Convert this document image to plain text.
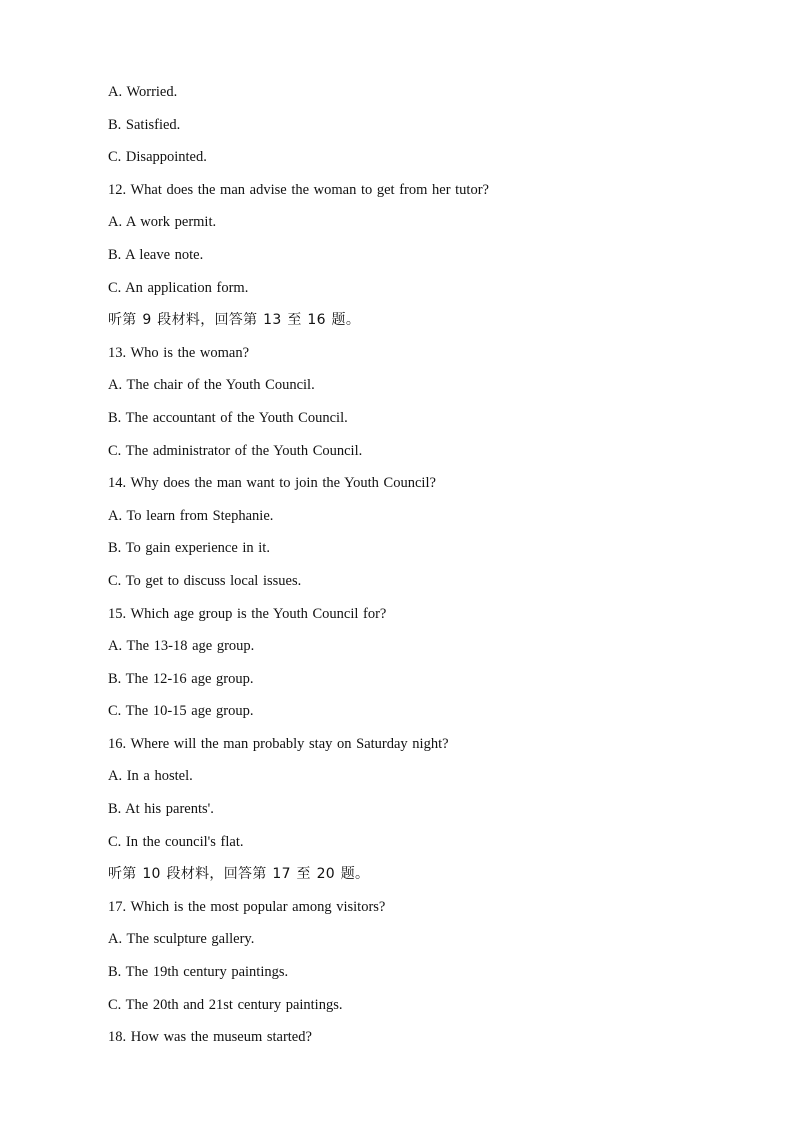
A. Worried.
B. Satisfied.
C. Disappointed.
12. What does the man advise the woman to get from her tutor?
A. A work permit.
B. A leave note.
C. An application form.
听第 9 段材料，回答第 13 至 16 题。
13. Who is the woman?
A. The chair of the Youth Council.
B. The accountant of the Youth Council.
C. The administrator of the Youth Council.
14. Why does the man want to join the Youth Council?
A. To learn from Stephanie.
B. To gain experience in it.
C. To get to discuss local issues.
15. Which age group is the Youth Council for?
A. The 13-18 age group.
B. The 12-16 age group.
C. The 10-15 age group.
16. Where will the man probably stay on Saturday night?
A. In a hostel.
B. At his parents'.
C. In the council's flat.
听第 10 段材料，回答第 17 至 20 题。
17. Which is the most popular among visitors?
A. The sculpture gallery.
B. The 19th century paintings.
C. The 20th and 21st century paintings.
18. How was the museum started?
